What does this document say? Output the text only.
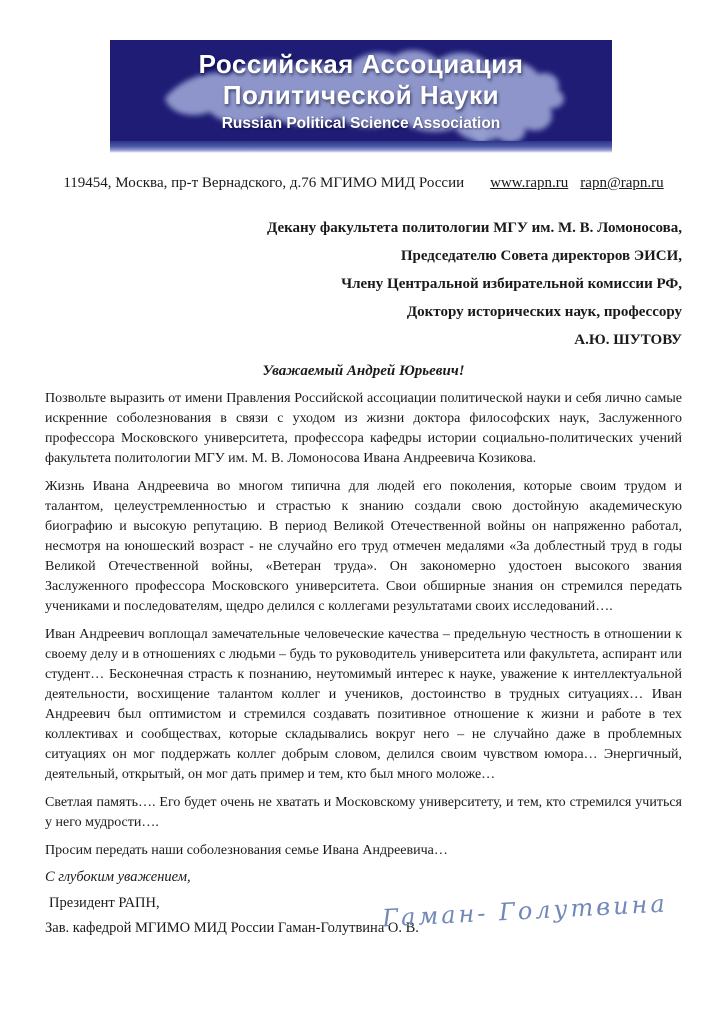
Российская Ассоциация
Политической Науки
Russian Political Science Association
119454, Москва, пр-т Вернадского, д.76 МГИМО МИД России www.rapn.ru rapn@rapn.ru
Декану факультета политологии МГУ им. М. В. Ломоносова,
Председателю Совета директоров ЭИСИ,
Члену Центральной избирательной комиссии РФ,
Доктору исторических наук, профессору
А.Ю. ШУТОВУ
Уважаемый Андрей Юрьевич!

Позвольте выразить от имени Правления Российской ассоциации политической науки и себя лично самые искренние соболезнования в связи с уходом из жизни доктора философских наук, Заслуженного профессора Московского университета, профессора кафедры истории социально-политических учений факультета политологии МГУ им. М. В. Ломоносова Ивана Андреевича Козикова.

Жизнь Ивана Андреевича во многом типична для людей его поколения, которые своим трудом и талантом, целеустремленностью и страстью к знанию создали свою достойную академическую биографию и высокую репутацию. В период Великой Отечественной войны он напряженно работал, несмотря на юношеский возраст - не случайно его труд отмечен медалями «За доблестный труд в годы Великой Отечественной войны, «Ветеран труда». Он закономерно удостоен высокого звания Заслуженного профессора Московского университета. Свои обширные знания он стремился передать учениками и последователям, щедро делился с коллегами результатами своих исследований….

Иван Андреевич воплощал замечательные человеческие качества – предельную честность в отношении к своему делу и в отношениях с людьми – будь то руководитель университета или факультета, аспирант или студент… Бесконечная страсть к познанию, неутомимый интерес к науке, уважение к интеллектуальной деятельности, восхищение талантом коллег и учеников, достоинство в трудных ситуациях… Иван Андреевич был оптимистом и стремился создавать позитивное отношение к жизни и работе в тех коллективах и сообществах, которые складывались вокруг него – не случайно даже в проблемных ситуациях он мог поддержать коллег добрым словом, делился своим чувством юмора… Энергичный, деятельный, открытый, он мог дать пример и тем, кто был много моложе…

Светлая память…. Его будет очень не хватать и Московскому университету, и тем, кто стремился учиться у него мудрости….

Просим передать наши соболезнования семье Ивана Андреевича…

С глубоким уважением,
Президент РАПН,
Зав. кафедрой МГИМО МИД России Гаман-Голутвина О. В.
Гаман- Голутвина
